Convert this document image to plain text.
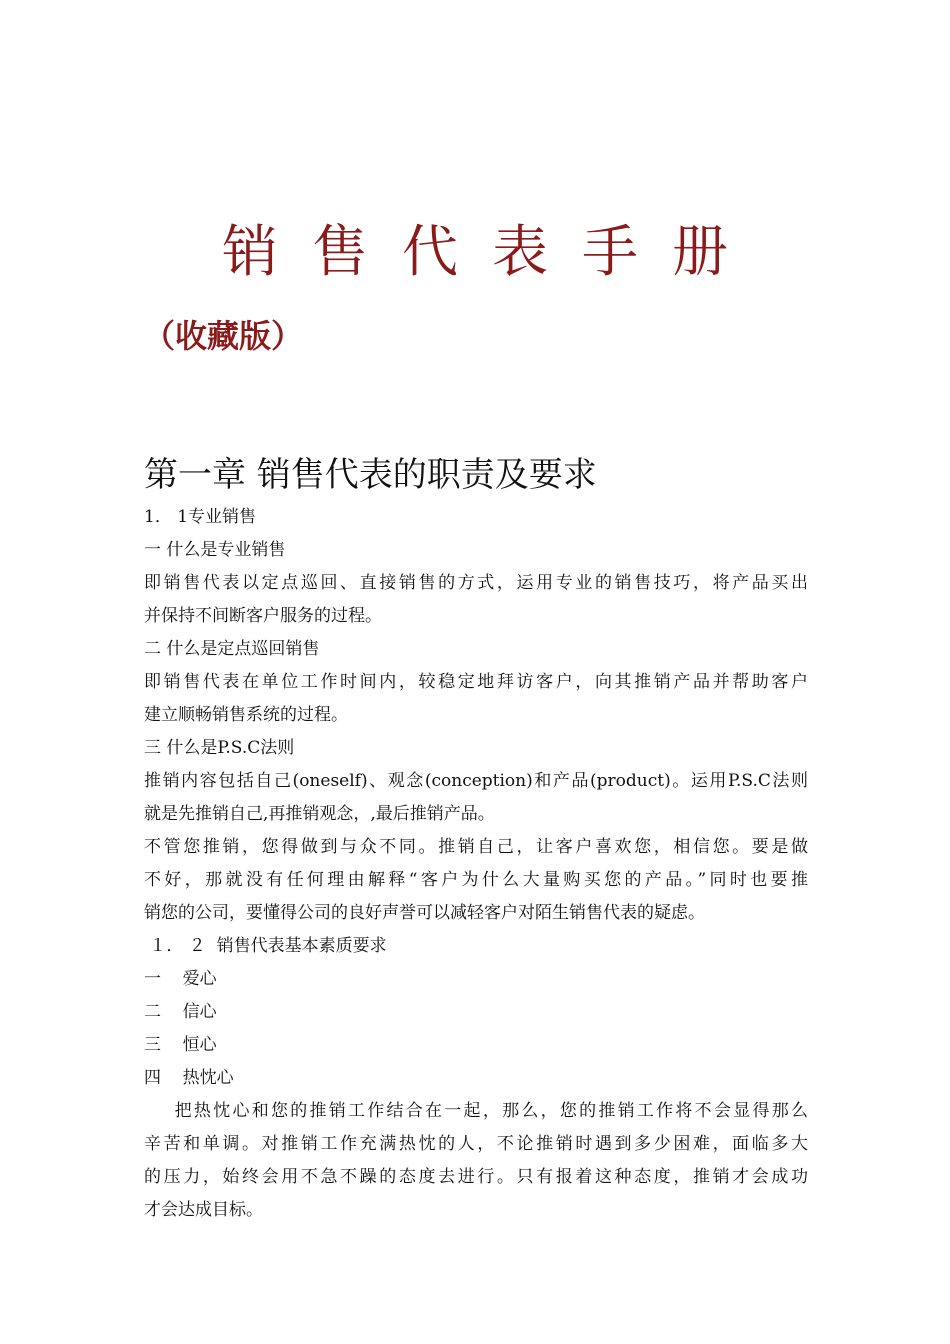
销售代表手册
（收藏版）
第一章 销售代表的职责及要求
1． 1专业销售
一 什么是专业销售
即销售代表以定点巡回、直接销售的方式，运用专业的销售技巧，将产品买出
并保持不间断客户服务的过程。
二 什么是定点巡回销售
即销售代表在单位工作时间内，较稳定地拜访客户，向其推销产品并帮助客户
建立顺畅销售系统的过程。
三 什么是P.S.C法则
推销内容包括自己(oneself)、观念(conception)和产品(product)。运用P.S.C法则
就是先推销自己,再推销观念，,最后推销产品。
不管您推销，您得做到与众不同。推销自己，让客户喜欢您，相信您。要是做
不好，那就没有任何理由解释“客户为什么大量购买您的产品。”同时也要推
销您的公司，要懂得公司的良好声誉可以减轻客户对陌生销售代表的疑虑。
１． ２  销售代表基本素质要求
一    爱心
二    信心
三    恒心
四    热忱心
把热忱心和您的推销工作结合在一起，那么，您的推销工作将不会显得那么
辛苦和单调。对推销工作充满热忱的人，不论推销时遇到多少困难，面临多大
的压力，始终会用不急不躁的态度去进行。只有报着这种态度，推销才会成功
才会达成目标。
